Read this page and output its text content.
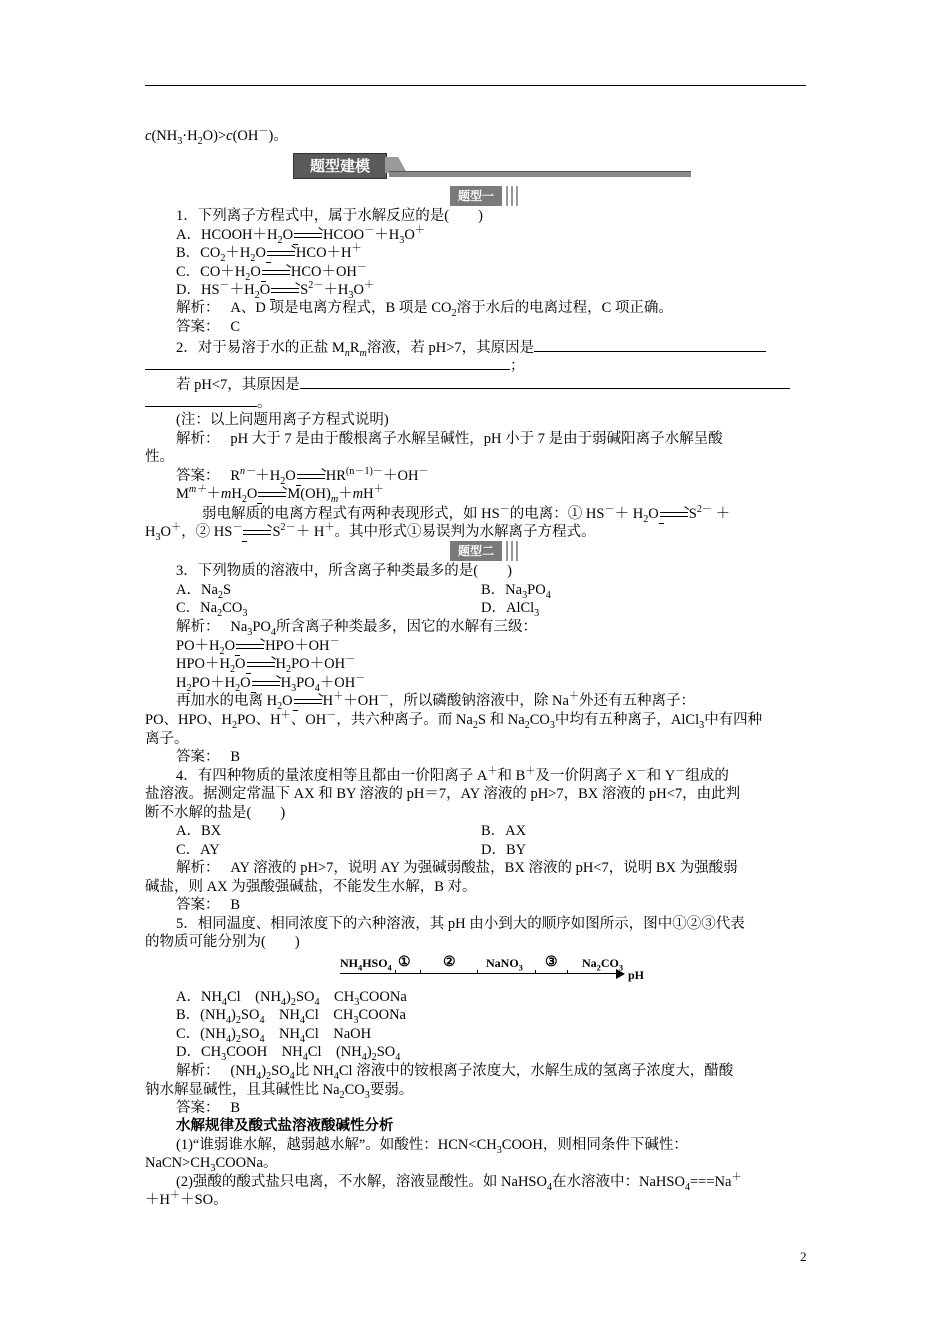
$c(NH_3\cdot H_2O)>c(OH^-)$。
题型建模
题型一
1．下列离子方程式中，属于水解反应的是(　　)
A．$HCOOH+H_2O\to HCOO^-+H_3O^+$
B．$CO_2+H_2O\to HCO+H^+$
C．$CO+H_2O\to HCO+OH^-$
D．$HS^-+H_2O\to S^{2-}+H_3O^+$
解析： A、D 项是电离方程式，B 项是 $CO_2$溶于水后的电离过程，C 项正确。
答案： C
2．对于易溶于水的正盐 $M_nR_m$溶液，若 pH>7，其原因是
；
若 pH<7，其原因是
。
(注：以上问题用离子方程式说明)
解析： pH 大于 7 是由于酸根离子水解呈碱性，pH 小于 7 是由于弱碱阳离子水解呈酸
性。
答案： $R^{n-}+H_2O\to HR^{(n-1)-}+OH^-$
$M^{m+}+mH_2O\to M(OH)_m+mH^+$
弱电解质的电离方程式有两种表现形式，如 HS－的电离：① $HS^-+ H_2O\to S^{2-}$ ＋
$H_3O^+$，② $HS^-\to S^{2-}+ H^+$。其中形式①易误判为水解离子方程式。
题型二
3．下列物质的溶液中，所含离子种类最多的是(　　)
A．$Na_2S$	B．$Na_3PO_4$
C．$Na_2CO_3$	D．AlCl$_3$
解析： $Na_3PO_4$所含离子种类最多，因它的水解有三级：
$PO+H_2O\to HPO+OH^-$
$HPO+H_2O\to H_2PO+OH^-$
$H_2PO+H_2O\to H_3PO_4+OH^-$
再加水的电离 $H_2O\to H^++OH^-$，所以磷酸钠溶液中，除 Na＋外还有五种离子：
PO、HPO、$H_2PO$、H＋、OH－，共六种离子。而 $Na_2S$ 和 $Na_2CO_3$中均有五种离子，AlCl$_3$中有四种
离子。
答案： B
4．有四种物质的量浓度相等且都由一价阳离子 A＋和 B＋及一价阴离子 X－和 Y－组成的
盐溶液。据测定常温下 AX 和 BY 溶液的 pH＝7，AY 溶液的 pH>7，BX 溶液的 pH<7，由此判
断不水解的盐是(　　)
A．BX	B．AX
C．AY	D．BY
解析： AY 溶液的 pH>7，说明 AY 为强碱弱酸盐，BX 溶液的 pH<7，说明 BX 为强酸弱
碱盐，则 AX 为强酸强碱盐，不能发生水解，B 对。
答案： B
5．相同温度、相同浓度下的六种溶液，其 pH 由小到大的顺序如图所示，图中①②③代表
的物质可能分别为(　　)
$NH_4HSO_4$ ① ②	NaNO$_3$ ③ $Na_2CO_3$
pH
A．$NH_4Cl$　$(NH_4)_2SO_4$　$CH_3COONa$
B．$(NH_4)_2SO_4$　$NH_4Cl$　$CH_3COONa$
C．$(NH_4)_2SO_4$　$NH_4Cl$　NaOH
D．$CH_3COOH$　$NH_4Cl$　$(NH_4)_2SO_4$
解析： $(NH_4)_2SO_4$比 $NH_4Cl$ 溶液中的铵根离子浓度大，水解生成的氢离子浓度大，醋酸
钠水解显碱性，且其碱性比 $Na_2CO_3$要弱。
答案： B
水解规律及酸式盐溶液酸碱性分析
(1)“谁弱谁水解，越弱越水解”。如酸性：$HCN<CH_3COOH$，则相同条件下碱性：
$NaCN>CH_3COONa$。
(2)强酸的酸式盐只电离，不水解，溶液显酸性。如 NaHSO$_4$在水溶液中：NaHSO$_4$===Na＋
＋H＋＋SO。
2
